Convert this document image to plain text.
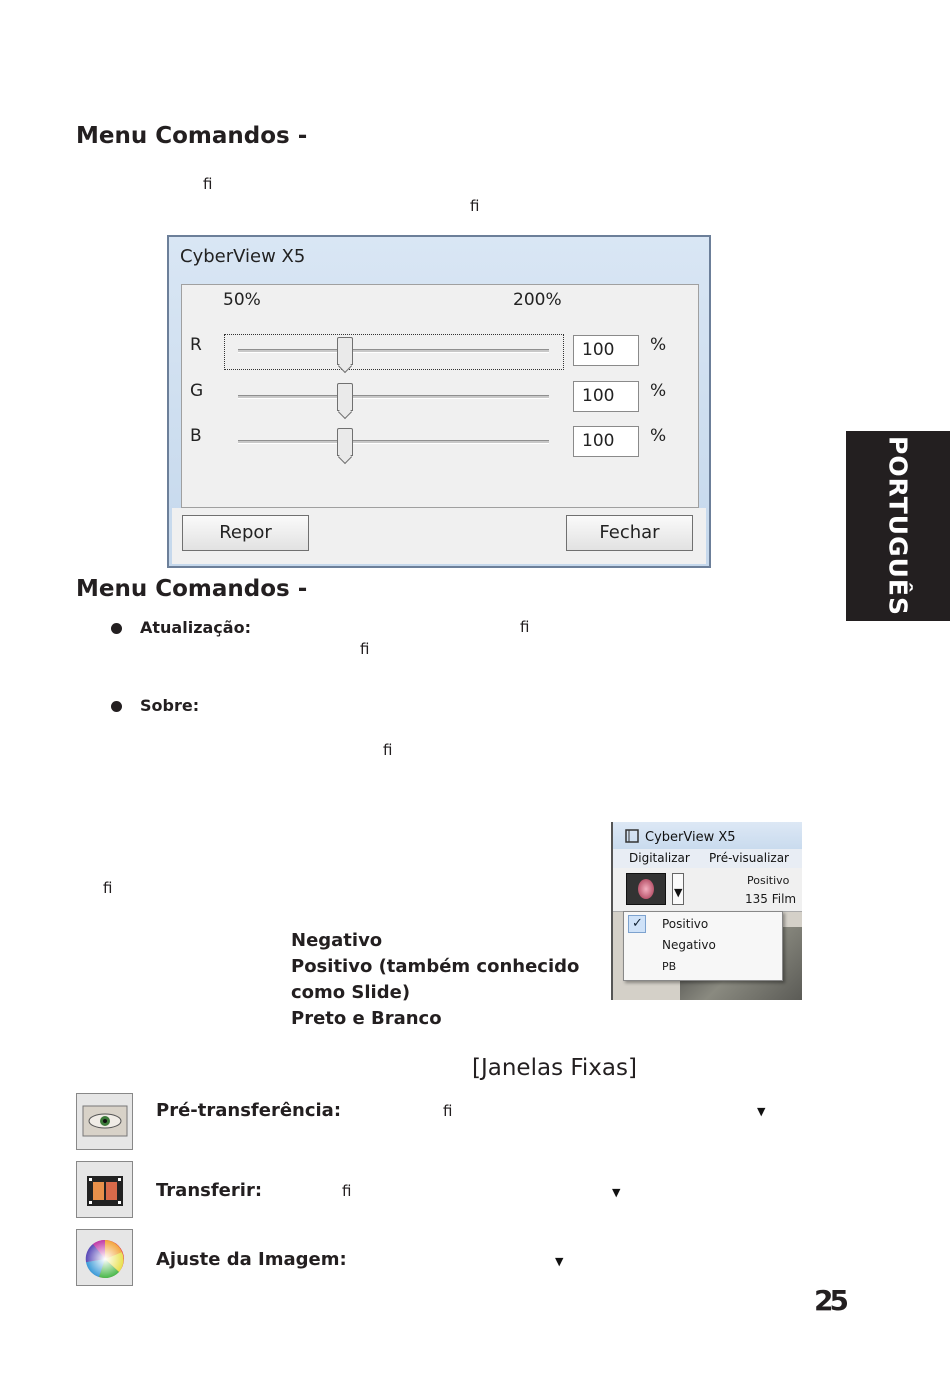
Menu Comandos -
ﬁ
ﬁ
CyberView X5
50%	200%
R	100	%
G	100	%
B	100	%
Repor	Fechar
Menu Comandos -
Atualização:	ﬁ
ﬁ
Sobre:
ﬁ
PORTUGUÊS
ﬁ
Negativo
Positivo (também conhecido
como Slide)
Preto e Branco
CyberView X5
Digitalizar Pré-visualizar
▼
Positivo
135 Film
✓ Positivo
Negativo
PB
[Janelas Fixas]
Pré-transferência:	ﬁ	▼
Transferir:	ﬁ	▼
Ajuste da Imagem:	▼
25
